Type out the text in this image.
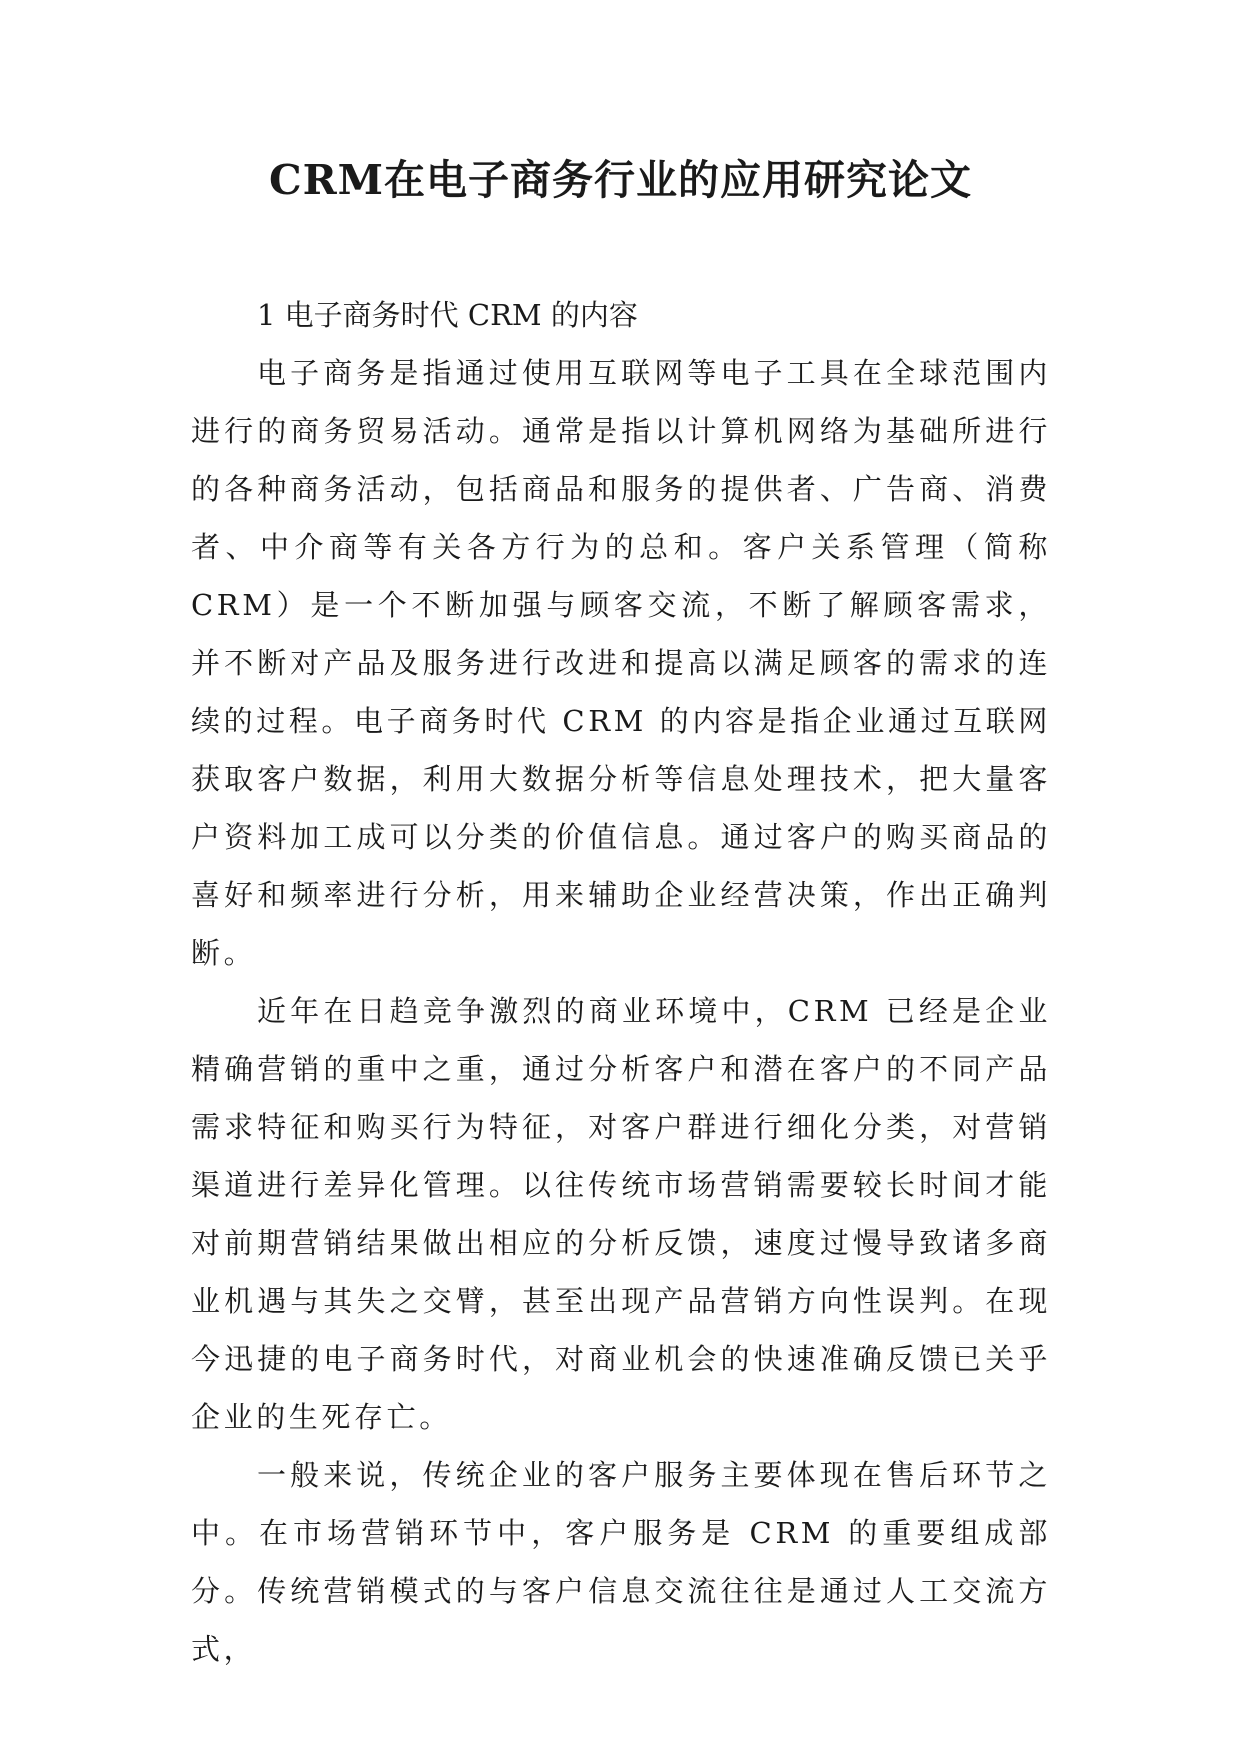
CRM在电子商务行业的应用研究论文

1 电子商务时代 CRM 的内容

电子商务是指通过使用互联网等电子工具在全球范围内进行的商务贸易活动。通常是指以计算机网络为基础所进行的各种商务活动，包括商品和服务的提供者、广告商、消费者、中介商等有关各方行为的总和。客户关系管理（简称 CRM）是一个不断加强与顾客交流，不断了解顾客需求，并不断对产品及服务进行改进和提高以满足顾客的需求的连续的过程。电子商务时代 CRM 的内容是指企业通过互联网获取客户数据，利用大数据分析等信息处理技术，把大量客户资料加工成可以分类的价值信息。通过客户的购买商品的喜好和频率进行分析，用来辅助企业经营决策，作出正确判断。

近年在日趋竞争激烈的商业环境中，CRM 已经是企业精确营销的重中之重，通过分析客户和潜在客户的不同产品需求特征和购买行为特征，对客户群进行细化分类，对营销渠道进行差异化管理。以往传统市场营销需要较长时间才能对前期营销结果做出相应的分析反馈，速度过慢导致诸多商业机遇与其失之交臂，甚至出现产品营销方向性误判。在现今迅捷的电子商务时代，对商业机会的快速准确反馈已关乎企业的生死存亡。

一般来说，传统企业的客户服务主要体现在售后环节之中。在市场营销环节中，客户服务是 CRM 的重要组成部分。传统营销模式的与客户信息交流往往是通过人工交流方式，
